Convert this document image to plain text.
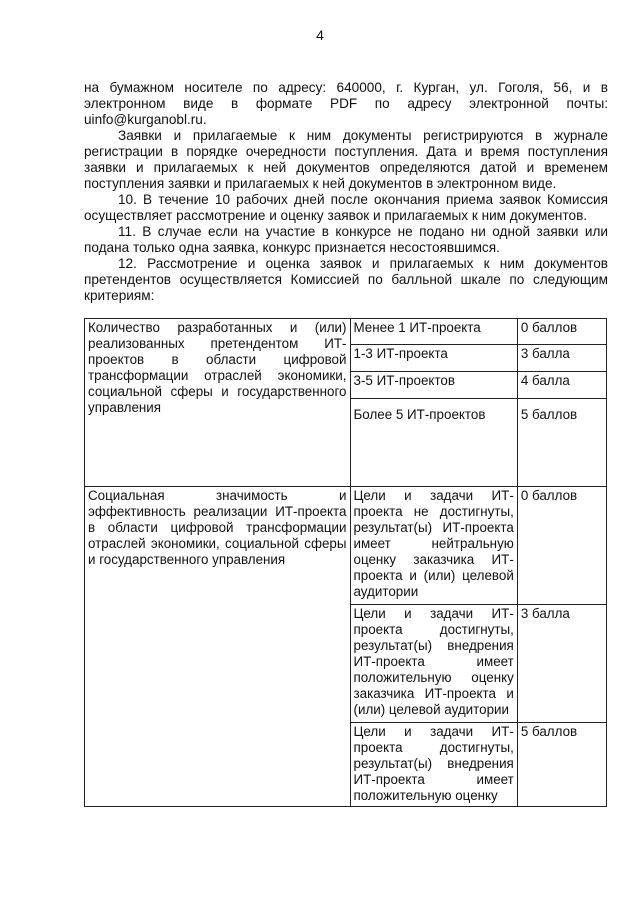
4

на бумажном носителе по адресу: 640000, г. Курган, ул. Гоголя, 56, и в электронном виде в формате PDF по адресу электронной почты: uinfo@kurganobl.ru.

Заявки и прилагаемые к ним документы регистрируются в журнале регистрации в порядке очередности поступления. Дата и время поступления заявки и прилагаемых к ней документов определяются датой и временем поступления заявки и прилагаемых к ней документов в электронном виде.

10. В течение 10 рабочих дней после окончания приема заявок Комиссия осуществляет рассмотрение и оценку заявок и прилагаемых к ним документов.

11. В случае если на участие в конкурсе не подано ни одной заявки или подана только одна заявка, конкурс признается несостоявшимся.

12. Рассмотрение и оценка заявок и прилагаемых к ним документов претендентов осуществляется Комиссией по балльной шкале по следующим критериям:

Количество разработанных и (или) реализованных претендентом ИТ-проектов в области цифровой трансформации отраслей экономики, социальной сферы и государственного управления	Менее 1 ИТ-проекта	0 баллов
	1-3 ИТ-проекта	3 балла
	3-5 ИТ-проектов	4 балла
	Более 5 ИТ-проектов	5 баллов

Социальная значимость и эффективность реализации ИТ-проекта в области цифровой трансформации отраслей экономики, социальной сферы и государственного управления	Цели и задачи ИТ-проекта не достигнуты, результат(ы) ИТ-проекта имеет нейтральную оценку заказчика ИТ-проекта и (или) целевой аудитории	0 баллов
	Цели и задачи ИТ-проекта достигнуты, результат(ы) внедрения ИТ-проекта имеет положительную оценку заказчика ИТ-проекта и (или) целевой аудитории	3 балла
	Цели и задачи ИТ-проекта достигнуты, результат(ы) внедрения ИТ-проекта имеет положительную оценку	5 баллов
